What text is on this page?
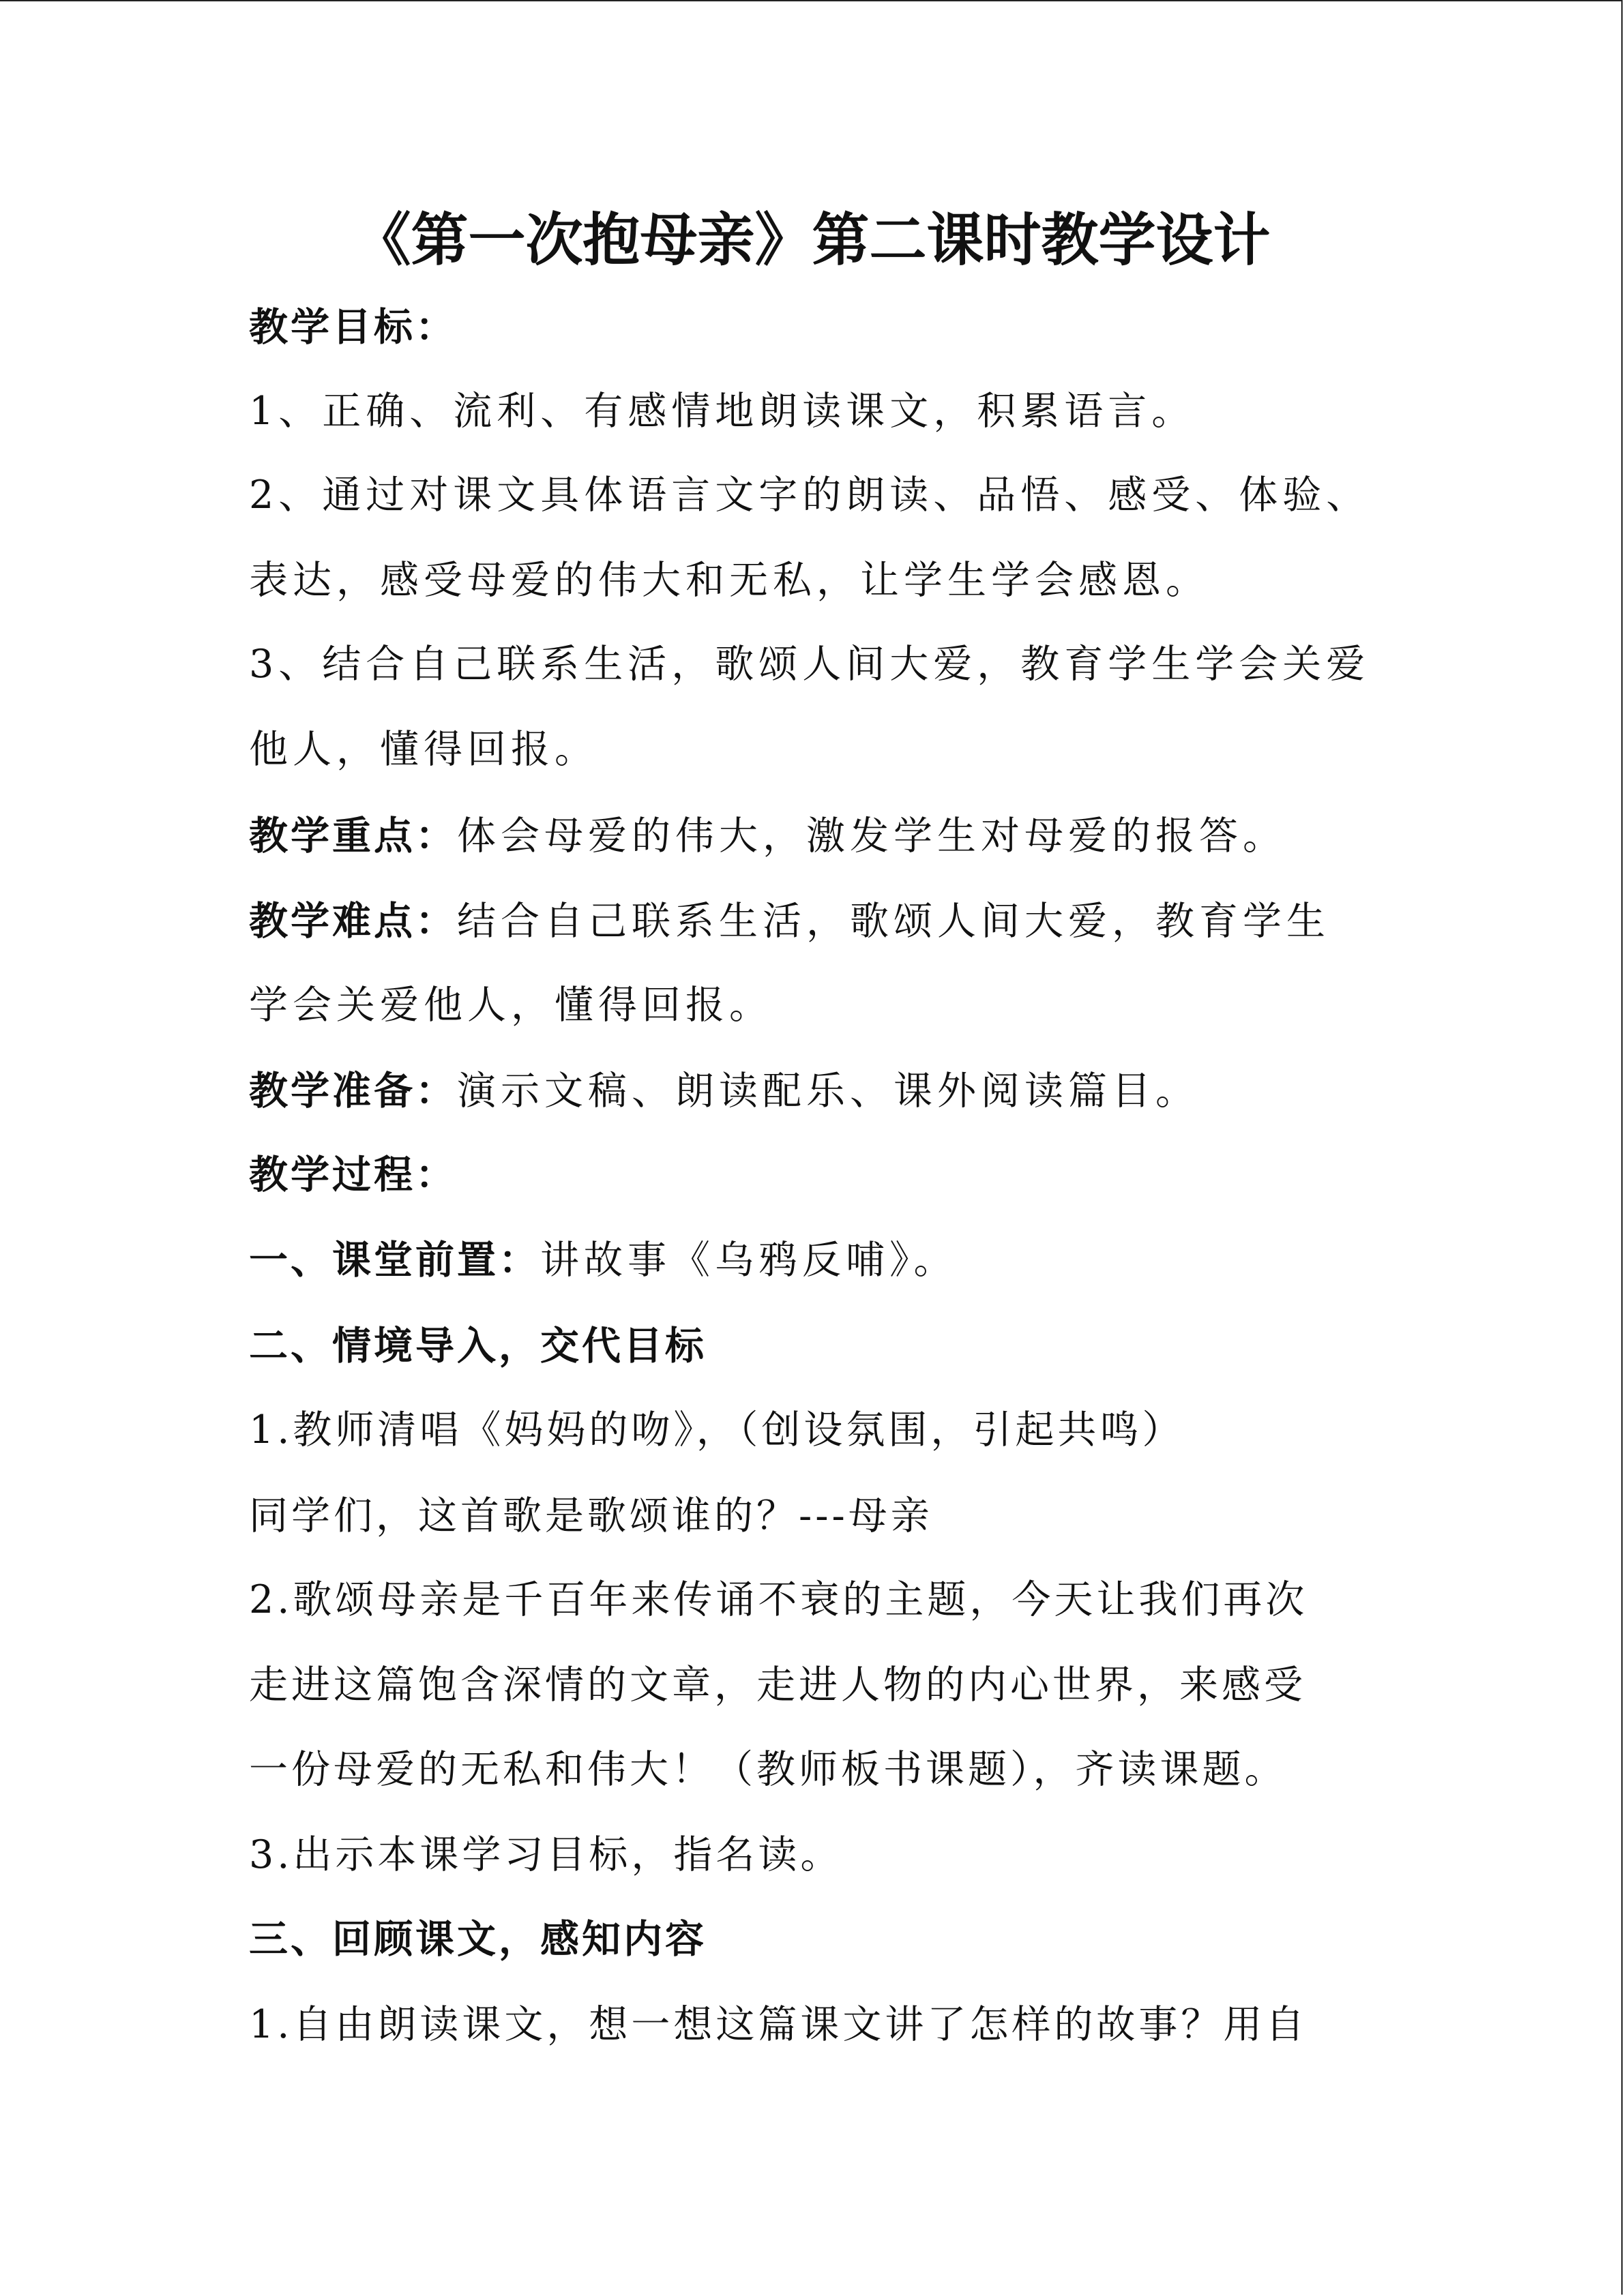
《第一次抱母亲》第二课时教学设计
教学目标：
1、正确、流利、有感情地朗读课文，积累语言。
2、通过对课文具体语言文字的朗读、品悟、感受、体验、
表达，感受母爱的伟大和无私，让学生学会感恩。
3、结合自己联系生活，歌颂人间大爱，教育学生学会关爱
他人，懂得回报。
教学重点：体会母爱的伟大，激发学生对母爱的报答。
教学难点：结合自己联系生活，歌颂人间大爱，教育学生
学会关爱他人，懂得回报。
教学准备：演示文稿、朗读配乐、课外阅读篇目。
教学过程：
一、课堂前置：讲故事《乌鸦反哺》。
二、情境导入，交代目标
1.教师清唱《妈妈的吻》，（创设氛围，引起共鸣）
同学们，这首歌是歌颂谁的？---母亲
2.歌颂母亲是千百年来传诵不衰的主题，今天让我们再次
走进这篇饱含深情的文章，走进人物的内心世界，来感受
一份母爱的无私和伟大！（教师板书课题），齐读课题。
3.出示本课学习目标，指名读。
三、回顾课文，感知内容
1.自由朗读课文，想一想这篇课文讲了怎样的故事？用自
